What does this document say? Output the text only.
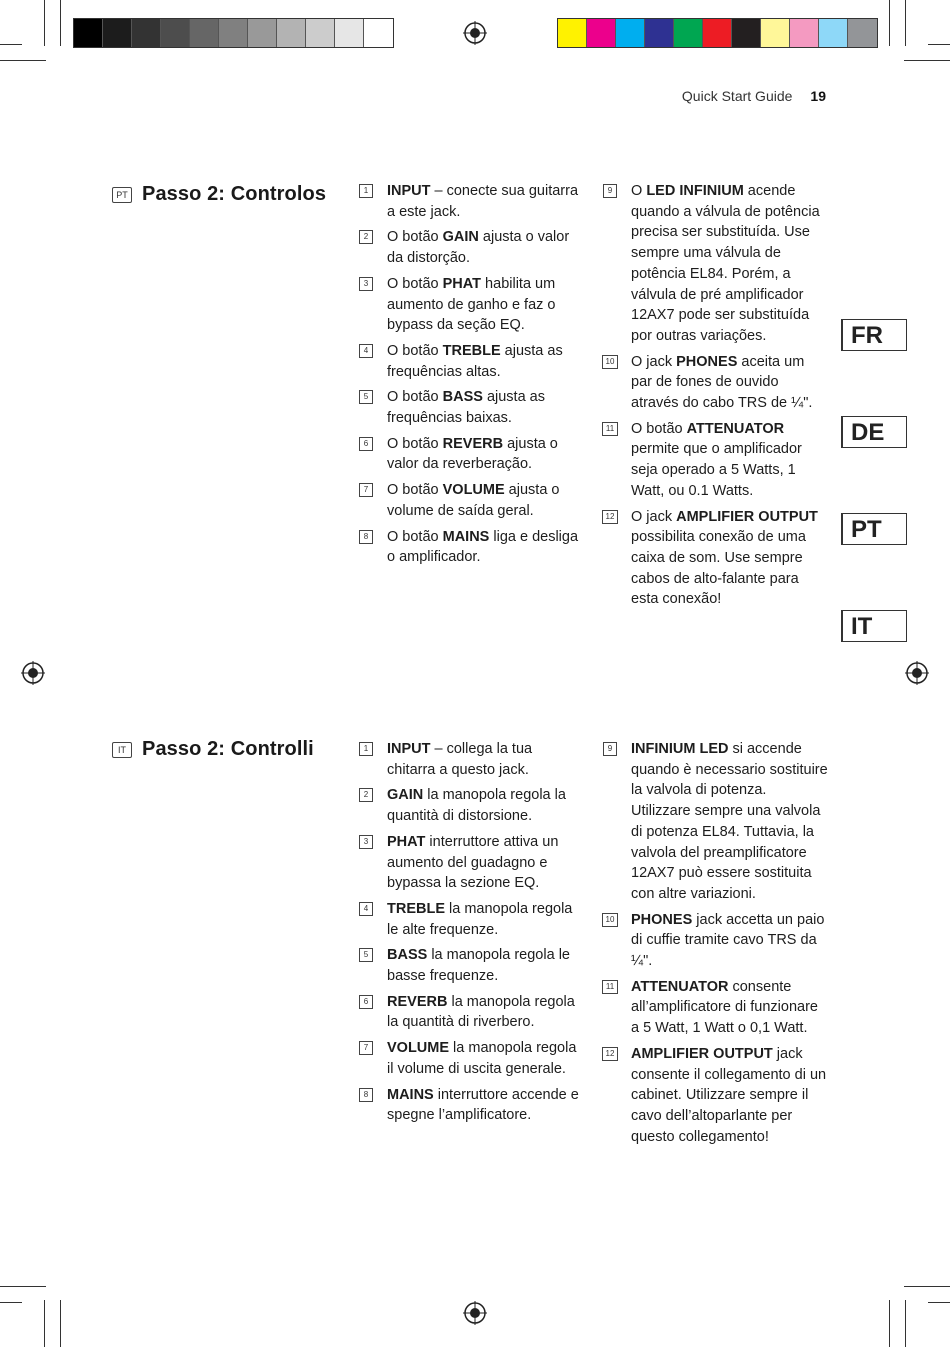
Quick Start Guide 19
FR
DE
PT
IT
PT Passo 2: Controlos	1	INPUT – conecte sua guitarra a este jack.
2	O botão GAIN ajusta o valor da distorção.
3	O botão PHAT habilita um aumento de ganho e faz o bypass da seção EQ.
4	O botão TREBLE ajusta as frequências altas.
5	O botão BASS ajusta as frequências baixas.
6	O botão REVERB ajusta o valor da reverberação.
7	O botão VOLUME ajusta o volume de saída geral.
8	O botão MAINS liga e desliga o amplificador.
9	O LED INFINIUM acende quando a válvula de potência precisa ser substituída. Use sempre uma válvula de potência EL84. Porém, a válvula de pré amplificador 12AX7 pode ser substituída por outras variações.
10 O jack PHONES aceita um par de fones de ouvido através do cabo TRS de ¼".
11 O botão ATTENUATOR permite que o amplificador seja operado a 5 Watts, 1 Watt, ou 0.1 Watts.
12 O jack AMPLIFIER OUTPUT possibilita conexão de uma caixa de som. Use sempre cabos de alto-falante para esta conexão!
IT Passo 2: Controlli	1	INPUT – collega la tua chitarra a questo jack.
2	GAIN la manopola regola la quantità di distorsione.
3	PHAT interruttore attiva un aumento del guadagno e bypassa la sezione EQ.
4	TREBLE la manopola regola le alte frequenze.
5	BASS la manopola regola le basse frequenze.
6	REVERB la manopola regola la quantità di riverbero.
7	VOLUME la manopola regola il volume di uscita generale.
8	MAINS interruttore accende e spegne l’amplificatore.
9	INFINIUM LED si accende quando è necessario sostituire la valvola di potenza. Utilizzare sempre una valvola di potenza EL84. Tuttavia, la valvola del preamplificatore 12AX7 può essere sostituita con altre variazioni.
10 PHONES jack accetta un paio di cuffie tramite cavo TRS da ¼".
11 ATTENUATOR consente all’amplificatore di funzionare a 5 Watt, 1 Watt o 0,1 Watt.
12 AMPLIFIER OUTPUT jack consente il collegamento di un cabinet. Utilizzare sempre il cavo dell’altoparlante per questo collegamento!
